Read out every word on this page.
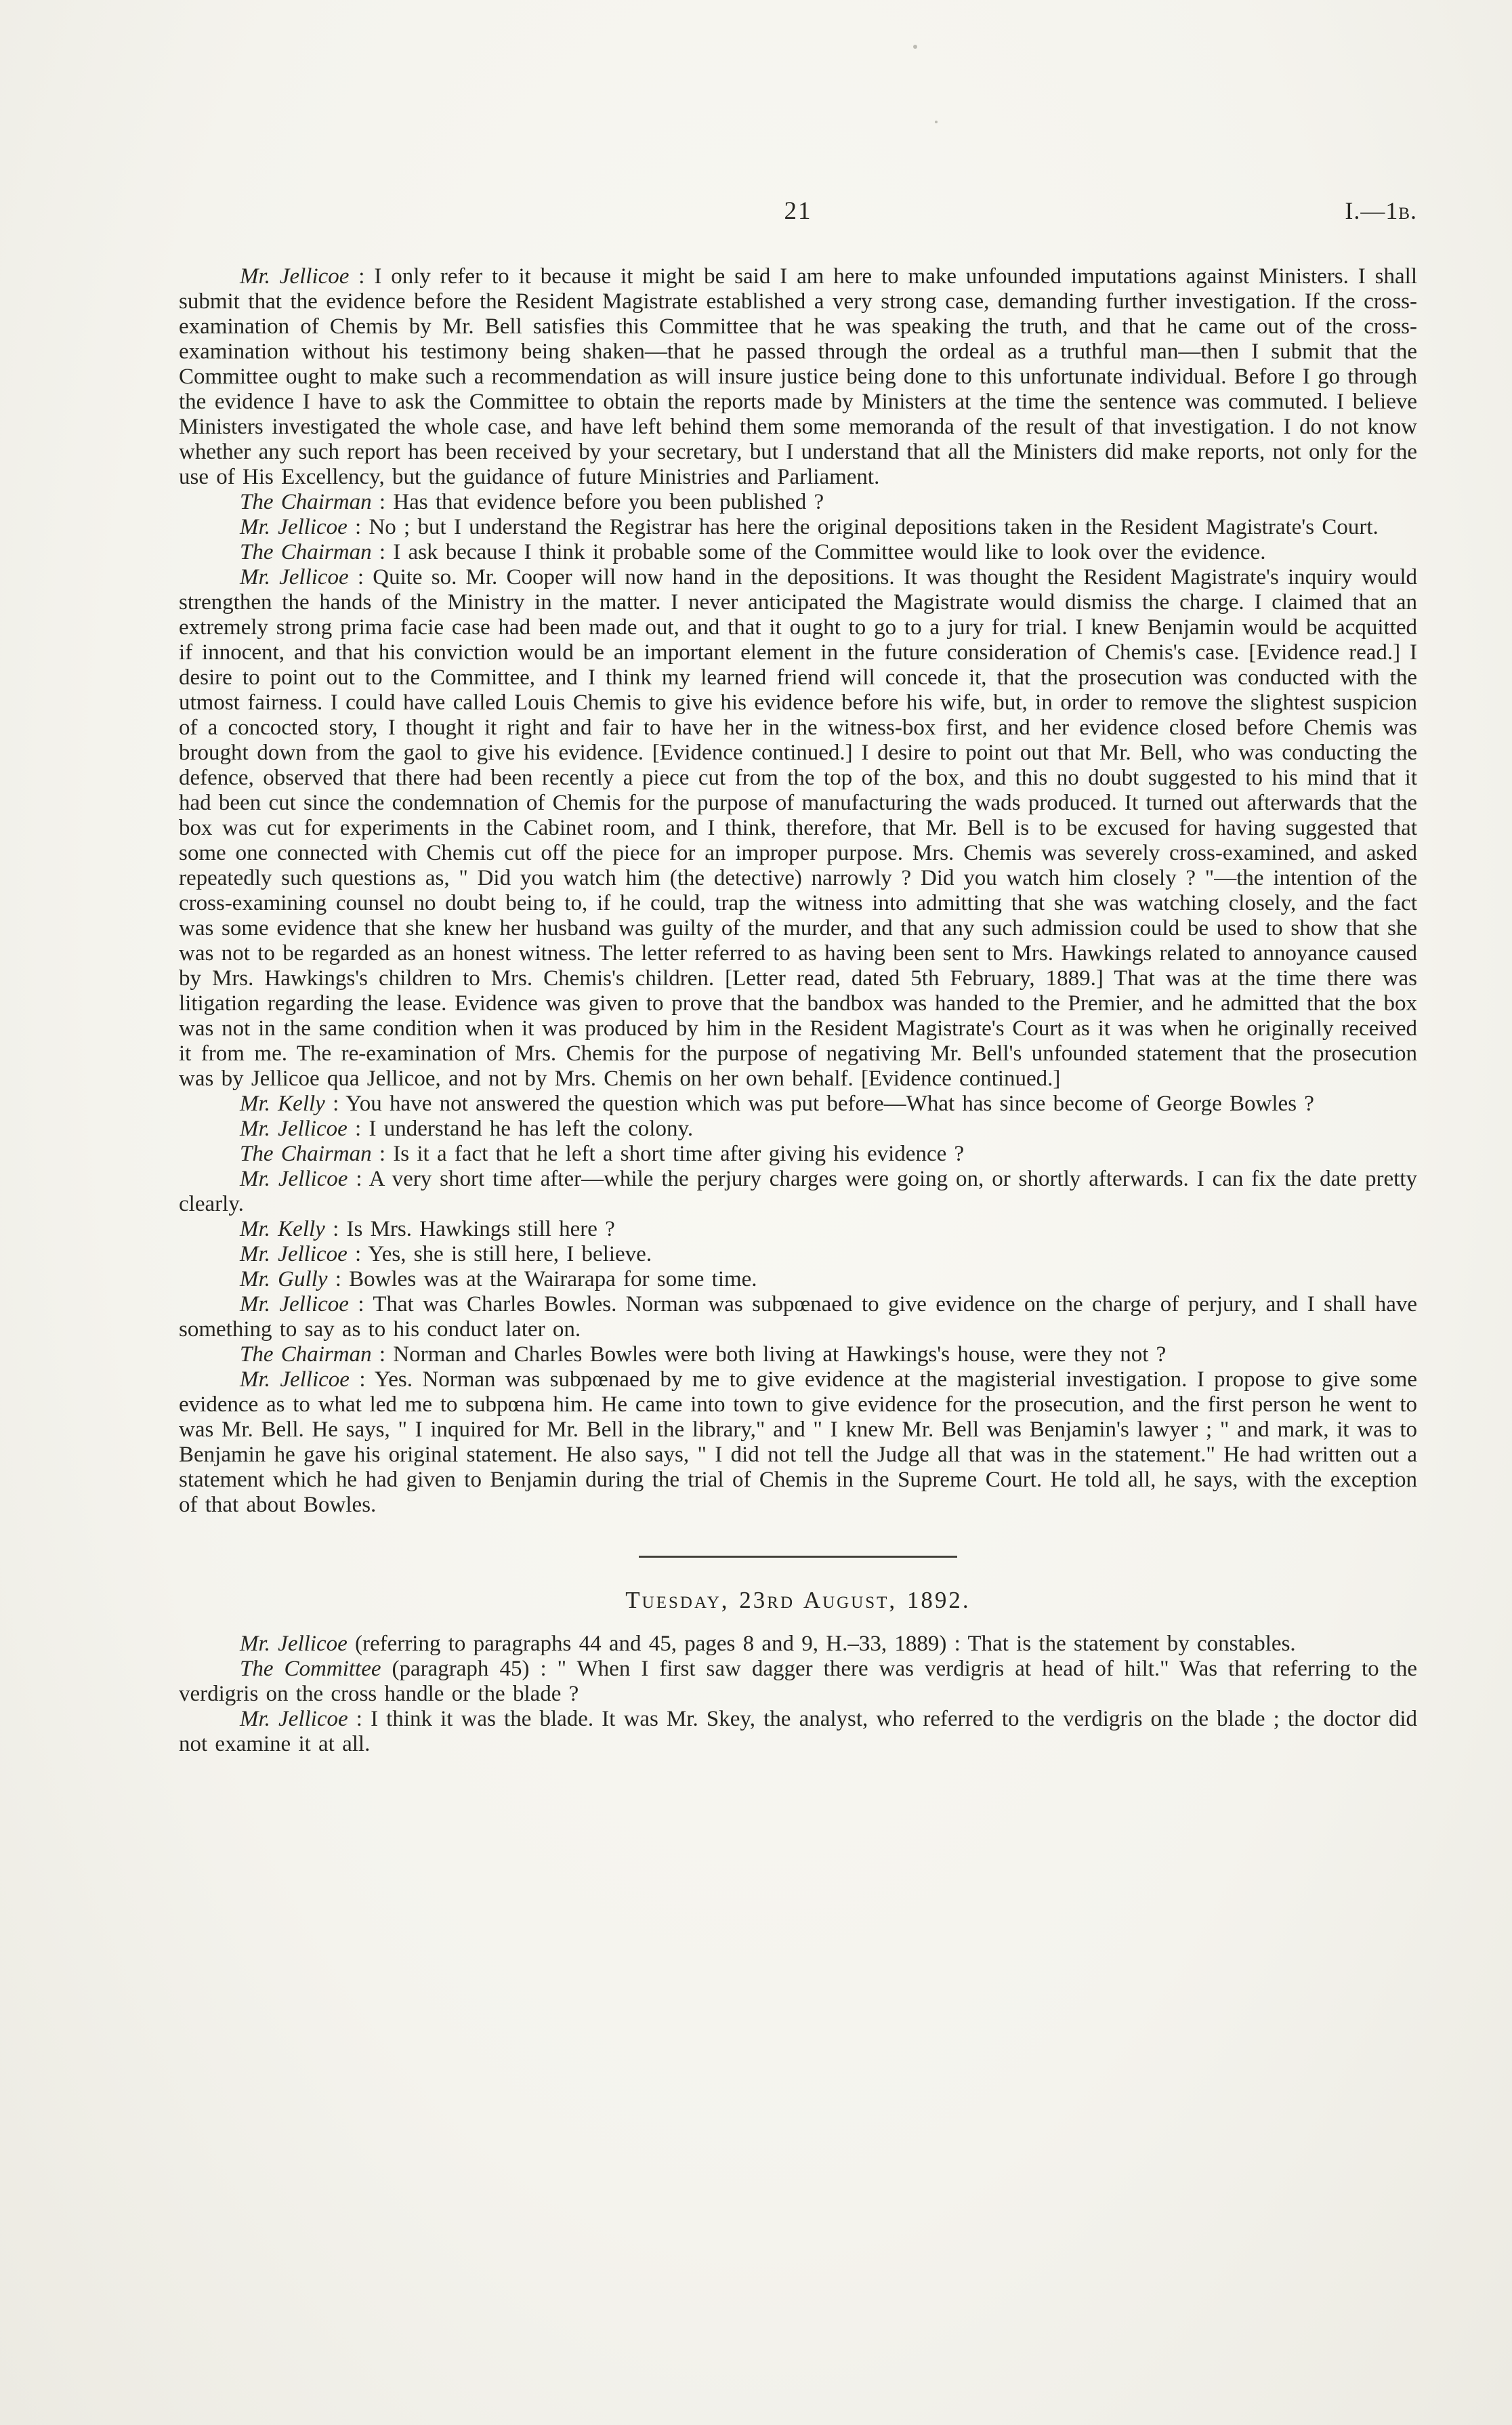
21	I.—1b.

Mr. Jellicoe : I only refer to it because it might be said I am here to make unfounded imputations against Ministers. I shall submit that the evidence before the Resident Magistrate established a very strong case, demanding further investigation. If the cross-examination of Chemis by Mr. Bell satisfies this Committee that he was speaking the truth, and that he came out of the cross-examination without his testimony being shaken—that he passed through the ordeal as a truthful man—then I submit that the Committee ought to make such a recommendation as will insure justice being done to this unfortunate individual. Before I go through the evidence I have to ask the Committee to obtain the reports made by Ministers at the time the sentence was commuted. I believe Ministers investigated the whole case, and have left behind them some memoranda of the result of that investigation. I do not know whether any such report has been received by your secretary, but I understand that all the Ministers did make reports, not only for the use of His Excellency, but the guidance of future Ministries and Parliament.

The Chairman : Has that evidence before you been published ?

Mr. Jellicoe : No ; but I understand the Registrar has here the original depositions taken in the Resident Magistrate's Court.

The Chairman : I ask because I think it probable some of the Committee would like to look over the evidence.

Mr. Jellicoe : Quite so. Mr. Cooper will now hand in the depositions. It was thought the Resident Magistrate's inquiry would strengthen the hands of the Ministry in the matter. I never anticipated the Magistrate would dismiss the charge. I claimed that an extremely strong prima facie case had been made out, and that it ought to go to a jury for trial. I knew Benjamin would be acquitted if innocent, and that his conviction would be an important element in the future consideration of Chemis's case. [Evidence read.] I desire to point out to the Committee, and I think my learned friend will concede it, that the prosecution was conducted with the utmost fairness. I could have called Louis Chemis to give his evidence before his wife, but, in order to remove the slightest suspicion of a concocted story, I thought it right and fair to have her in the witness-box first, and her evidence closed before Chemis was brought down from the gaol to give his evidence. [Evidence continued.] I desire to point out that Mr. Bell, who was conducting the defence, observed that there had been recently a piece cut from the top of the box, and this no doubt suggested to his mind that it had been cut since the condemnation of Chemis for the purpose of manufacturing the wads produced. It turned out afterwards that the box was cut for experiments in the Cabinet room, and I think, therefore, that Mr. Bell is to be excused for having suggested that some one connected with Chemis cut off the piece for an improper purpose. Mrs. Chemis was severely cross-examined, and asked repeatedly such questions as, " Did you watch him (the detective) narrowly ? Did you watch him closely ? "—the intention of the cross-examining counsel no doubt being to, if he could, trap the witness into admitting that she was watching closely, and the fact was some evidence that she knew her husband was guilty of the murder, and that any such admission could be used to show that she was not to be regarded as an honest witness. The letter referred to as having been sent to Mrs. Hawkings related to annoyance caused by Mrs. Hawkings's children to Mrs. Chemis's children. [Letter read, dated 5th February, 1889.] That was at the time there was litigation regarding the lease. Evidence was given to prove that the bandbox was handed to the Premier, and he admitted that the box was not in the same condition when it was produced by him in the Resident Magistrate's Court as it was when he originally received it from me. The re-examination of Mrs. Chemis for the purpose of negativing Mr. Bell's unfounded statement that the prosecution was by Jellicoe qua Jellicoe, and not by Mrs. Chemis on her own behalf. [Evidence continued.]

Mr. Kelly : You have not answered the question which was put before—What has since become of George Bowles ?

Mr. Jellicoe : I understand he has left the colony.

The Chairman : Is it a fact that he left a short time after giving his evidence ?

Mr. Jellicoe : A very short time after—while the perjury charges were going on, or shortly afterwards. I can fix the date pretty clearly.

Mr. Kelly : Is Mrs. Hawkings still here ?

Mr. Jellicoe : Yes, she is still here, I believe.

Mr. Gully : Bowles was at the Wairarapa for some time.

Mr. Jellicoe : That was Charles Bowles. Norman was subpœnaed to give evidence on the charge of perjury, and I shall have something to say as to his conduct later on.

The Chairman : Norman and Charles Bowles were both living at Hawkings's house, were they not ?

Mr. Jellicoe : Yes. Norman was subpœnaed by me to give evidence at the magisterial investigation. I propose to give some evidence as to what led me to subpœna him. He came into town to give evidence for the prosecution, and the first person he went to was Mr. Bell. He says, " I inquired for Mr. Bell in the library," and " I knew Mr. Bell was Benjamin's lawyer ; " and mark, it was to Benjamin he gave his original statement. He also says, " I did not tell the Judge all that was in the statement." He had written out a statement which he had given to Benjamin during the trial of Chemis in the Supreme Court. He told all, he says, with the exception of that about Bowles.

Tuesday, 23rd August, 1892.

Mr. Jellicoe (referring to paragraphs 44 and 45, pages 8 and 9, H.–33, 1889) : That is the statement by constables.

The Committee (paragraph 45) : " When I first saw dagger there was verdigris at head of hilt." Was that referring to the verdigris on the cross handle or the blade ?

Mr. Jellicoe : I think it was the blade. It was Mr. Skey, the analyst, who referred to the verdigris on the blade ; the doctor did not examine it at all.
